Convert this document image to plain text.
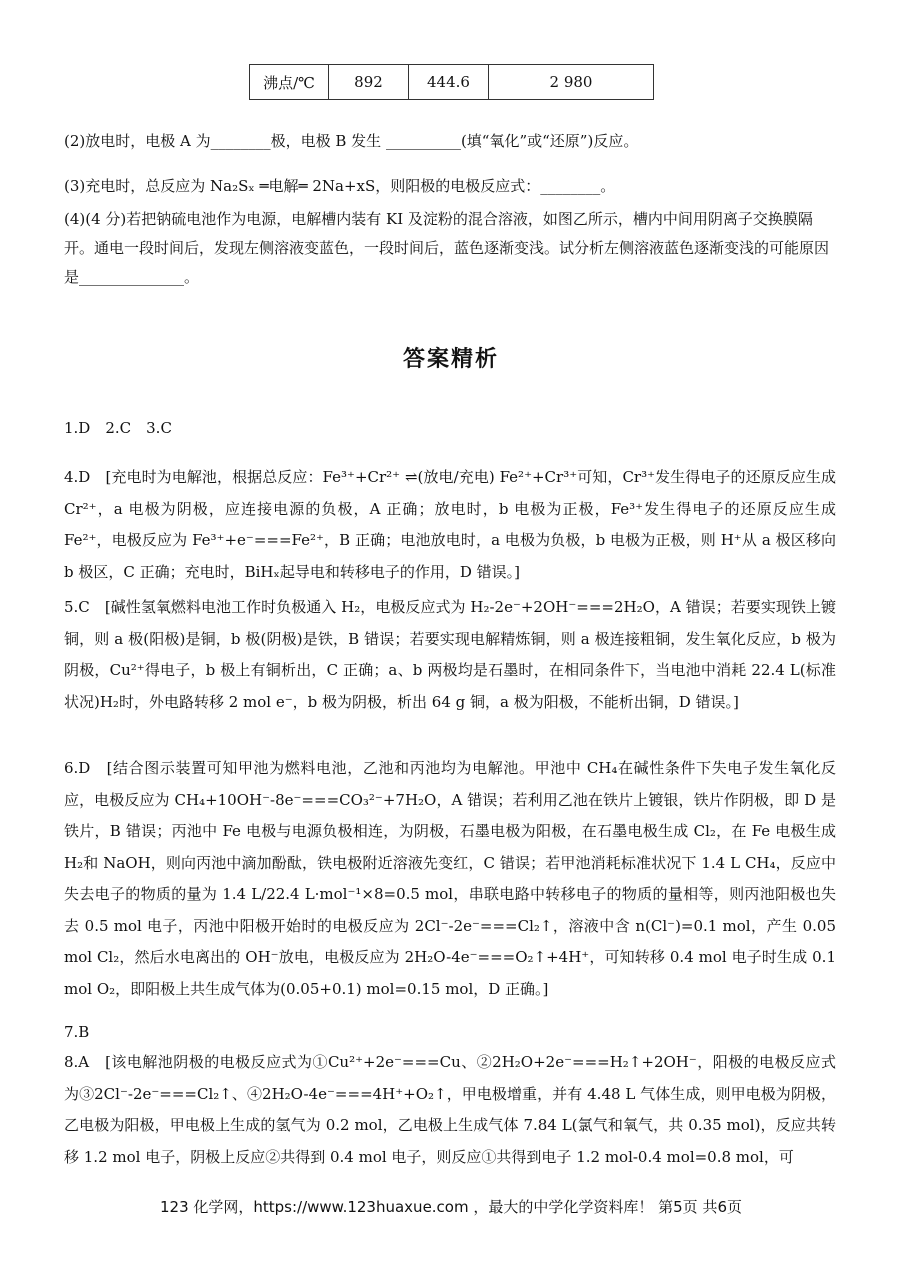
沸点/℃	892	444.6	2 980
(2)放电时，电极 A 为________极，电极 B 发生 __________(填“氧化”或“还原”)反应。
(3)充电时，总反应为 Na₂Sₓ ═电解═ 2Na+xS，则阳极的电极反应式：________。
(4)(4 分)若把钠硫电池作为电源，电解槽内装有 KI 及淀粉的混合溶液，如图乙所示，槽内中间用阴离子交换膜隔开。通电一段时间后，发现左侧溶液变蓝色，一段时间后，蓝色逐渐变浅。试分析左侧溶液蓝色逐渐变浅的可能原因是______________。
答案精析
1.D　2.C　3.C
4.D　[充电时为电解池，根据总反应：Fe³⁺+Cr²⁺ ⇌(放电/充电) Fe²⁺+Cr³⁺可知，Cr³⁺发生得电子的还原反应生成 Cr²⁺，a 电极为阴极，应连接电源的负极，A 正确；放电时，b 电极为正极，Fe³⁺发生得电子的还原反应生成 Fe²⁺，电极反应为 Fe³⁺+e⁻===Fe²⁺，B 正确；电池放电时，a 电极为负极，b 电极为正极，则 H⁺从 a 极区移向 b 极区，C 正确；充电时，BiHₓ起导电和转移电子的作用，D 错误。]
5.C　[碱性氢氧燃料电池工作时负极通入 H₂，电极反应式为 H₂-2e⁻+2OH⁻===2H₂O，A 错误；若要实现铁上镀铜，则 a 极(阳极)是铜，b 极(阴极)是铁，B 错误；若要实现电解精炼铜，则 a 极连接粗铜，发生氧化反应，b 极为阴极，Cu²⁺得电子，b 极上有铜析出，C 正确；a、b 两极均是石墨时，在相同条件下，当电池中消耗 22.4 L(标准状况)H₂时，外电路转移 2 mol e⁻，b 极为阴极，析出 64 g 铜，a 极为阳极，不能析出铜，D 错误。]
6.D　[结合图示装置可知甲池为燃料电池，乙池和丙池均为电解池。甲池中 CH₄在碱性条件下失电子发生氧化反应，电极反应为 CH₄+10OH⁻-8e⁻===CO₃²⁻+7H₂O，A 错误；若利用乙池在铁片上镀银，铁片作阴极，即 D 是铁片，B 错误；丙池中 Fe 电极与电源负极相连，为阴极，石墨电极为阳极，在石墨电极生成 Cl₂，在 Fe 电极生成 H₂和 NaOH，则向丙池中滴加酚酞，铁电极附近溶液先变红，C 错误；若甲池消耗标准状况下 1.4 L CH₄，反应中失去电子的物质的量为 1.4 L/22.4 L·mol⁻¹×8=0.5 mol，串联电路中转移电子的物质的量相等，则丙池阳极也失去 0.5 mol 电子，丙池中阳极开始时的电极反应为 2Cl⁻-2e⁻===Cl₂↑，溶液中含 n(Cl⁻)=0.1 mol，产生 0.05 mol Cl₂，然后水电离出的 OH⁻放电，电极反应为 2H₂O-4e⁻===O₂↑+4H⁺，可知转移 0.4 mol 电子时生成 0.1 mol O₂，即阳极上共生成气体为(0.05+0.1) mol=0.15 mol，D 正确。]
7.B
8.A　[该电解池阴极的电极反应式为①Cu²⁺+2e⁻===Cu、②2H₂O+2e⁻===H₂↑+2OH⁻，阳极的电极反应式为③2Cl⁻-2e⁻===Cl₂↑、④2H₂O-4e⁻===4H⁺+O₂↑，甲电极增重，并有 4.48 L 气体生成，则甲电极为阴极，乙电极为阳极，甲电极上生成的氢气为 0.2 mol，乙电极上生成气体 7.84 L(氯气和氧气，共 0.35 mol)，反应共转移 1.2 mol 电子，阴极上反应②共得到 0.4 mol 电子，则反应①共得到电子 1.2 mol-0.4 mol=0.8 mol，可
123 化学网，https://www.123huaxue.com ，最大的中学化学资料库！ 第5页 共6页
